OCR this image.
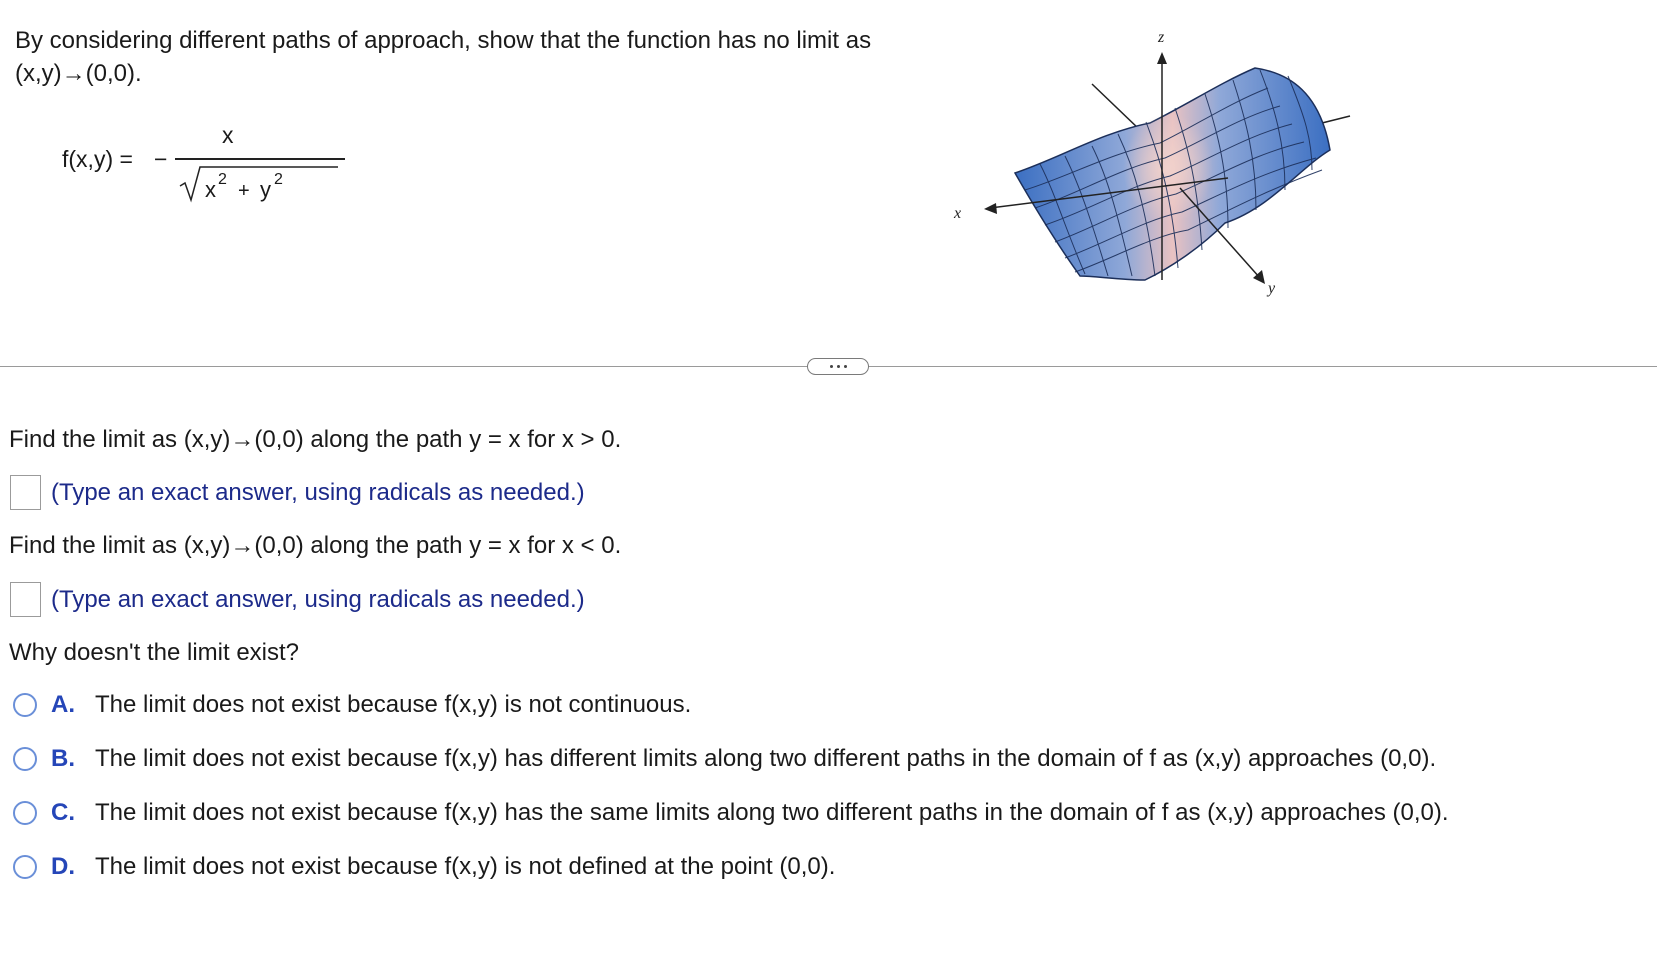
By considering different paths of approach, show that the function has no limit as
(x,y)→(0,0).
f(x,y) = −
x
x 2
+ y 2
z
x
y
Find the limit as (x,y)→(0,0) along the path y = x for x > 0.
(Type an exact answer, using radicals as needed.)
Find the limit as (x,y)→(0,0) along the path y = x for x < 0.
(Type an exact answer, using radicals as needed.)
Why doesn't the limit exist?
A. The limit does not exist because f(x,y) is not continuous.
B. The limit does not exist because f(x,y) has different limits along two different paths in the domain of f as (x,y) approaches (0,0).
C. The limit does not exist because f(x,y) has the same limits along two different paths in the domain of f as (x,y) approaches (0,0).
D. The limit does not exist because f(x,y) is not defined at the point (0,0).
